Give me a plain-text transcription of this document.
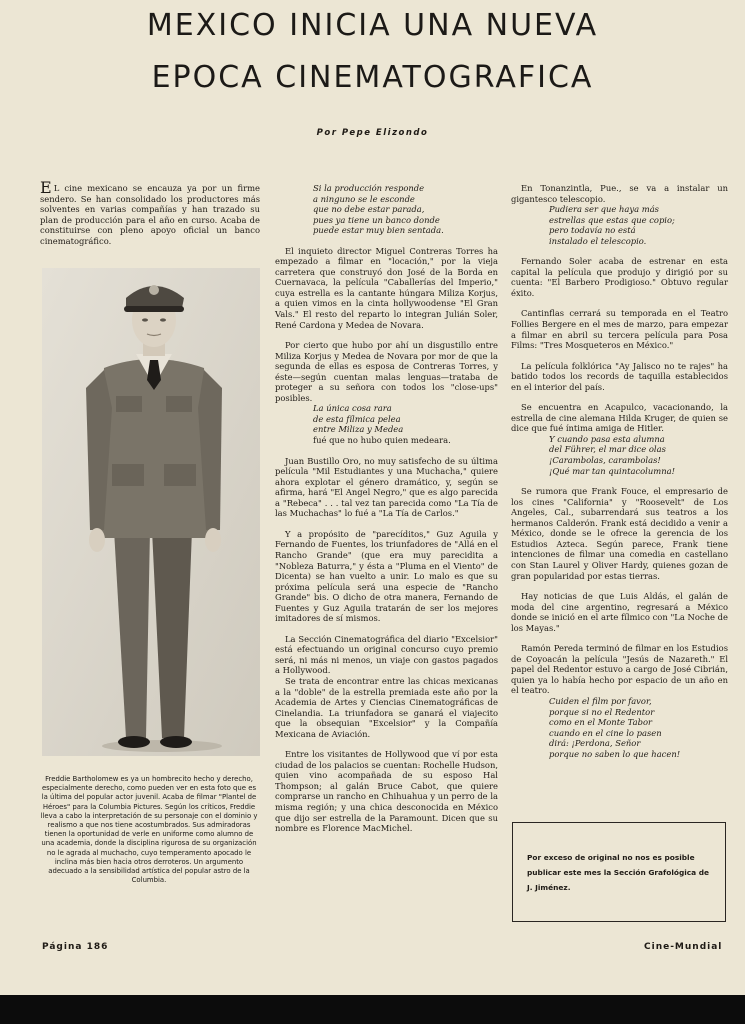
MEXICO INICIA UNA NUEVA
EPOCA CINEMATOGRAFICA
Por Pepe Elizondo

E L cine mexicano se encauza ya por un firme sendero. Se han consolidado los productores más solventes en varias compañías y han trazado su plan de producción para el año en curso. Acaba de constituirse con pleno apoyo oficial un banco cinematográfico.

Freddie Bartholomew es ya un hombrecito hecho y derecho, especialmente derecho, como pueden ver en esta foto que es la última del popular actor juvenil. Acaba de filmar "Plantel de Héroes" para la Columbia Pictures. Según los críticos, Freddie lleva a cabo la interpretación de su personaje con el dominio y realismo a que nos tiene acostumbrados. Sus admiradoras tienen la oportunidad de verle en uniforme como alumno de una academia, donde la disciplina rigurosa de su organización no le agrada al muchacho, cuyo temperamento apocado le inclina más bien hacia otros derroteros. Un argumento adecuado a la sensibilidad artística del popular astro de la Columbia.
Si la producción responde
a ninguno se le esconde
que no debe estar parada,
pues ya tiene un banco donde
puede estar muy bien sentada.

El inquieto director Miguel Contreras Torres ha empezado a filmar en "locación," por la vieja carretera que construyó don José de la Borda en Cuernavaca, la película "Caballerías del Imperio," cuya estrella es la cantante húngara Miliza Korjus, a quien vimos en la cinta hollywoodense "El Gran Vals." El resto del reparto lo integran Julián Soler, René Cardona y Medea de Novara.

Por cierto que hubo por ahí un disgustillo entre Miliza Korjus y Medea de Novara por mor de que la segunda de ellas es esposa de Contreras Torres, y éste—según cuentan malas lenguas—trataba de proteger a su señora con todos los "close-ups" posibles.

La única cosa rara
de esta fílmica pelea
entre Miliza y Medea

fué que no hubo quien medeara.

Juan Bustillo Oro, no muy satisfecho de su última película "Mil Estudiantes y una Muchacha," quiere ahora explotar el género dramático, y, según se afirma, hará "El Angel Negro," que es algo parecida a "Rebeca" . . . tal vez tan parecida como "La Tía de las Muchachas" lo fué a "La Tía de Carlos."

Y a propósito de "parecíditos," Guz Aguila y Fernando de Fuentes, los triunfadores de "Allá en el Rancho Grande" (que era muy parecidita a "Nobleza Baturra," y ésta a "Pluma en el Viento" de Dicenta) se han vuelto a unir. Lo malo es que su próxima película será una especie de "Rancho Grande" bis. O dicho de otra manera, Fernando de Fuentes y Guz Aguila tratarán de ser los mejores imitadores de sí mismos.

La Sección Cinematográfica del diario "Excelsior" está efectuando un original concurso cuyo premio será, ni más ni menos, un viaje con gastos pagados a Hollywood.

Se trata de encontrar entre las chicas mexicanas a la "doble" de la estrella premiada este año por la Academia de Artes y Ciencias Cinematográficas de Cinelandia. La triunfadora se ganará el viajecito que la obsequian "Excelsior" y la Compañía Mexicana de Aviación.

Entre los visitantes de Hollywood que ví por esta ciudad de los palacios se cuentan: Rochelle Hudson, quien vino acompañada de su esposo Hal Thompson; al galán Bruce Cabot, que quiere comprarse un rancho en Chihuahua y un perro de la misma región; y una chica desconocida en México que dijo ser estrella de la Paramount. Dicen que su nombre es Florence MacMichel.

En Tonanzintla, Pue., se va a instalar un gigantesco telescopio.

Pudiera ser que haya más
estrellas que estas que copio;
pero todavía no está
instalado el telescopio.

Fernando Soler acaba de estrenar en esta capital la película que produjo y dirigió por su cuenta: "El Barbero Prodigioso." Obtuvo regular éxito.

Cantinflas cerrará su temporada en el Teatro Follies Bergere en el mes de marzo, para empezar a filmar en abril su tercera película para Posa Films: "Tres Mosqueteros en México."

La película folklórica "Ay Jalisco no te rajes" ha batido todos los records de taquilla establecidos en el interior del país.

Se encuentra en Acapulco, vacacionando, la estrella de cine alemana Hilda Kruger, de quien se dice que fué íntima amiga de Hitler.

Y cuando pasa esta alumna
del Führer, el mar dice olas
¡Carambolas, carambolas!
¡Qué mar tan quintacolumna!

Se rumora que Frank Fouce, el empresario de los cines "California" y "Roosevelt" de Los Angeles, Cal., subarrendará sus teatros a los hermanos Calderón. Frank está decidido a venir a México, donde se le ofrece la gerencia de los Estudios Azteca. Según parece, Frank tiene intenciones de filmar una comedia en castellano con Stan Laurel y Oliver Hardy, quienes gozan de gran popularidad por estas tierras.

Hay noticias de que Luis Aldás, el galán de moda del cine argentino, regresará a México donde se inició en el arte fílmico con "La Noche de los Mayas."

Ramón Pereda terminó de filmar en los Estudios de Coyoacán la película "Jesús de Nazareth." El papel del Redentor estuvo a cargo de José Cibrián, quien ya lo había hecho por espacio de un año en el teatro.

Cuiden el film por favor,
porque si no el Redentor
como en el Monte Tabor
cuando en el cine lo pasen
dirá: ¡Perdona, Señor
porque no saben lo que hacen!
Por exceso de original no nos es posible publicar este mes la Sección Grafológica de J. Jiménez.
Página 186	Cine-Mundial
